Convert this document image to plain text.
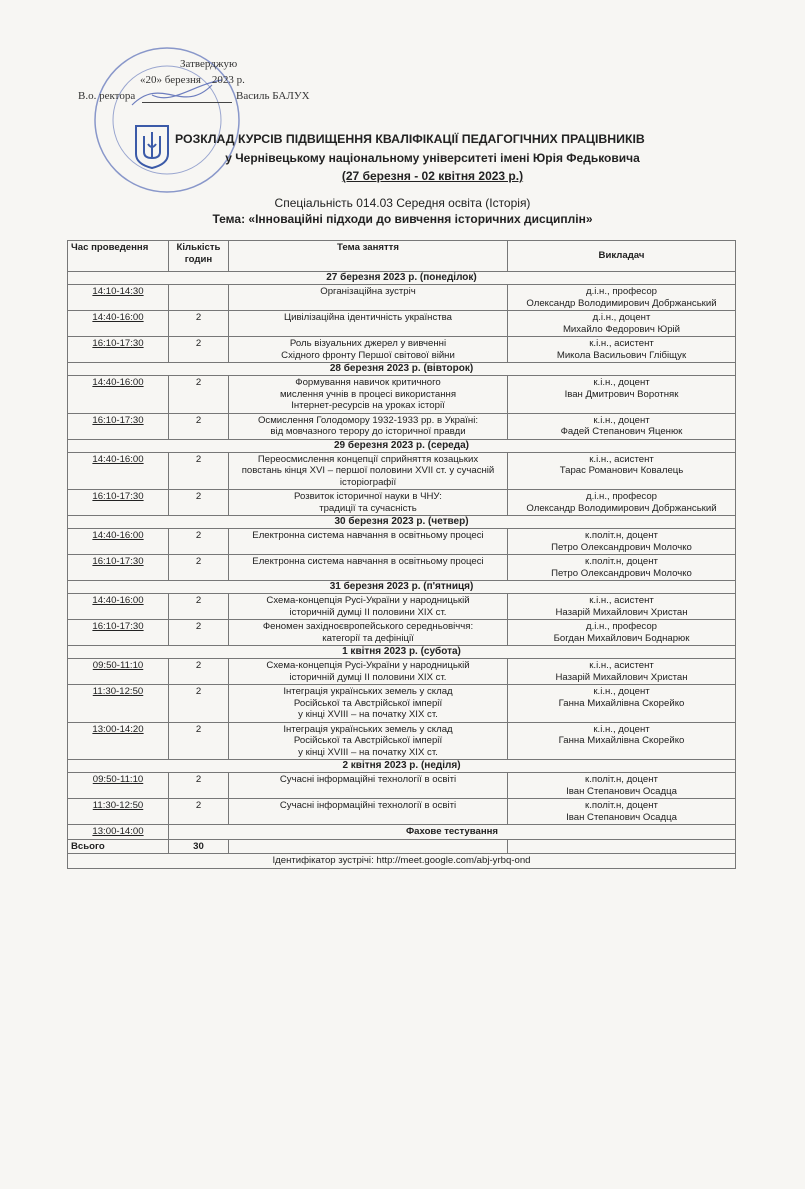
Затверджую
«20» березня    2023 р.
В.о. ректора	Василь БАЛУХ
РОЗКЛАД КУРСІВ ПІДВИЩЕННЯ КВАЛІФІКАЦІЇ ПЕДАГОГІЧНИХ ПРАЦІВНИКІВ
у Чернівецькому національному університеті імені Юрія Федьковича
(27 березня - 02 квітня 2023 р.)
Спеціальність 014.03 Середня освіта (Історія)
Тема: «Інноваційні підходи до вивчення історичних дисциплін»
Час проведення	Кількість годин	Тема заняття	Викладач
27 березня 2023 р. (понеділок)			
14:10-14:30		Організаційна зустріч	д.і.н., професор
Олександр Володимирович Добржанський
14:40-16:00	2	Цивілізаційна ідентичність українства	д.і.н., доцент
Михайло Федорович Юрій
16:10-17:30	2	Роль візуальних джерел у вивченні
Східного фронту Першої світової війни	к.і.н., асистент
Микола Васильович Глібіщук
28 березня 2023 р. (вівторок)			
14:40-16:00	2	Формування навичок критичного
мислення учнів в процесі використання
Інтернет-ресурсів на уроках історії	к.і.н., доцент
Іван Дмитрович Воротняк
16:10-17:30	2	Осмислення Голодомору 1932-1933 рр. в Україні:
від мовчазного терору до історичної правди	к.і.н., доцент
Фадей Степанович Яценюк
29 березня 2023 р. (середа)			
14:40-16:00	2	Переосмислення концепції сприйняття козацьких
повстань кінця XVI – першої половини XVII ст. у сучасній
історіографії	к.і.н., асистент
Тарас Романович Ковалець
16:10-17:30	2	Розвиток історичної науки в ЧНУ:
традиції та сучасність	д.і.н., професор
Олександр Володимирович Добржанський
30 березня 2023 р. (четвер)			
14:40-16:00	2	Електронна система навчання в освітньому процесі	к.політ.н, доцент
Петро Олександрович Молочко
16:10-17:30	2	Електронна система навчання в освітньому процесі	к.політ.н, доцент
Петро Олександрович Молочко
31 березня 2023 р. (п'ятниця)			
14:40-16:00	2	Схема-концепція Русі-України у народницькій
історичній думці ІІ половини ХІХ ст.	к.і.н., асистент
Назарій Михайлович Христан
16:10-17:30	2	Феномен західноєвропейського середньовіччя:
категорії та дефініції	д.і.н., професор
Богдан Михайлович Боднарюк
1 квітня 2023 р. (субота)			
09:50-11:10	2	Схема-концепція Русі-України у народницькій
історичній думці ІІ половини ХІХ ст.	к.і.н., асистент
Назарій Михайлович Христан
11:30-12:50	2	Інтеграція українських земель у склад
Російської та Австрійської імперії
у кінці XVIII – на початку XIX ст.	к.і.н., доцент
Ганна Михайлівна Скорейко
13:00-14:20	2	Інтеграція українських земель у склад
Російської та Австрійської імперії
у кінці XVIII – на початку XIX ст.	к.і.н., доцент
Ганна Михайлівна Скорейко
2 квітня 2023 р. (неділя)			
09:50-11:10	2	Сучасні інформаційні технології в освіті	к.політ.н, доцент
Іван Степанович Осадца
11:30-12:50	2	Сучасні інформаційні технології в освіті	к.політ.н, доцент
Іван Степанович Осадца
13:00-14:00	Фахове тестування		
Всього	30		
Ідентифікатор зустрічі: http://meet.google.com/abj-yrbq-ond			
